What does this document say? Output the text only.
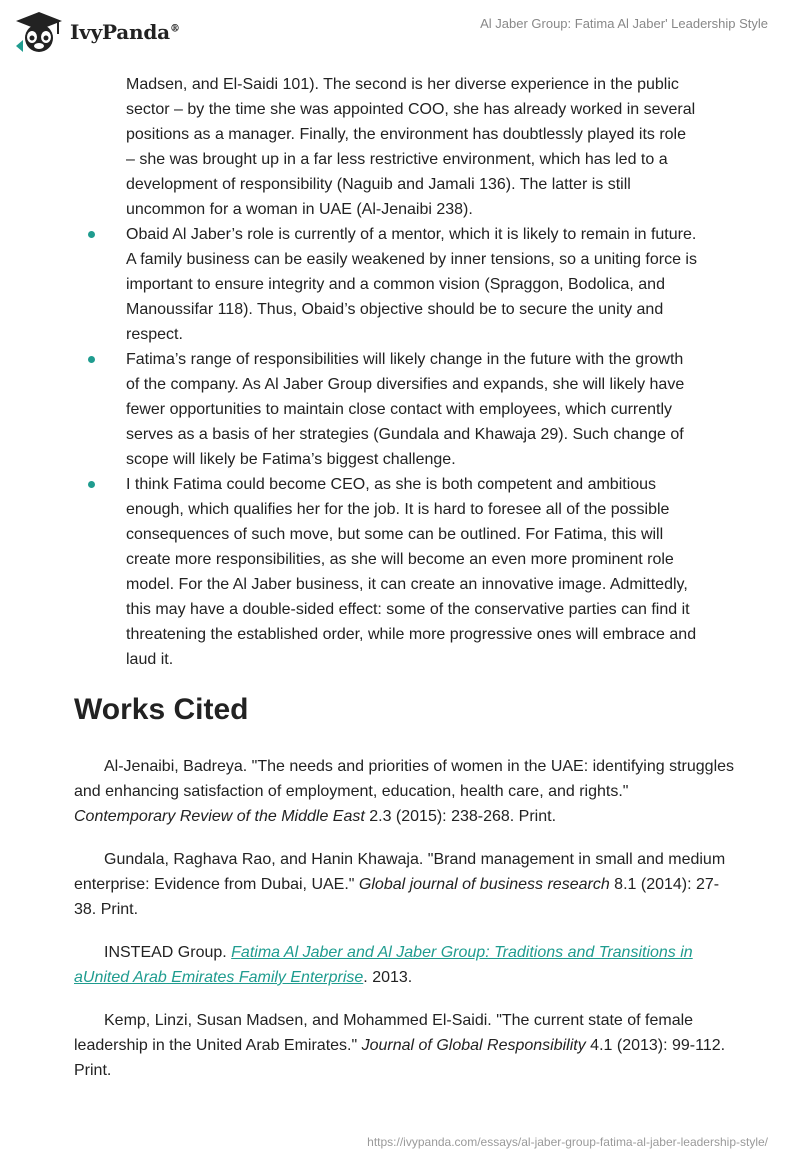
IvyPanda®	Al Jaber Group: Fatima Al Jaber' Leadership Style
Madsen, and El-Saidi 101). The second is her diverse experience in the public
sector – by the time she was appointed COO, she has already worked in several
positions as a manager. Finally, the environment has doubtlessly played its role
– she was brought up in a far less restrictive environment, which has led to a
development of responsibility (Naguib and Jamali 136). The latter is still
uncommon for a woman in UAE (Al-Jenaibi 238).
Obaid Al Jaber’s role is currently of a mentor, which it is likely to remain in future.
A family business can be easily weakened by inner tensions, so a uniting force is
important to ensure integrity and a common vision (Spraggon, Bodolica, and
Manoussifar 118). Thus, Obaid’s objective should be to secure the unity and
respect.
Fatima’s range of responsibilities will likely change in the future with the growth
of the company. As Al Jaber Group diversifies and expands, she will likely have
fewer opportunities to maintain close contact with employees, which currently
serves as a basis of her strategies (Gundala and Khawaja 29). Such change of
scope will likely be Fatima’s biggest challenge.
I think Fatima could become CEO, as she is both competent and ambitious
enough, which qualifies her for the job. It is hard to foresee all of the possible
consequences of such move, but some can be outlined. For Fatima, this will
create more responsibilities, as she will become an even more prominent role
model. For the Al Jaber business, it can create an innovative image. Admittedly,
this may have a double-sided effect: some of the conservative parties can find it
threatening the established order, while more progressive ones will embrace and
laud it.
Works Cited

Al-Jenaibi, Badreya. "The needs and priorities of women in the UAE: identifying struggles and enhancing satisfaction of employment, education, health care, and rights." Contemporary Review of the Middle East 2.3 (2015): 238-268. Print.

Gundala, Raghava Rao, and Hanin Khawaja. "Brand management in small and medium enterprise: Evidence from Dubai, UAE." Global journal of business research 8.1 (2014): 27-38. Print.

INSTEAD Group. Fatima Al Jaber and Al Jaber Group: Traditions and Transitions in aUnited Arab Emirates Family Enterprise. 2013.

Kemp, Linzi, Susan Madsen, and Mohammed El-Saidi. "The current state of female leadership in the United Arab Emirates." Journal of Global Responsibility 4.1 (2013): 99-112. Print.

https://ivypanda.com/essays/al-jaber-group-fatima-al-jaber-leadership-style/
